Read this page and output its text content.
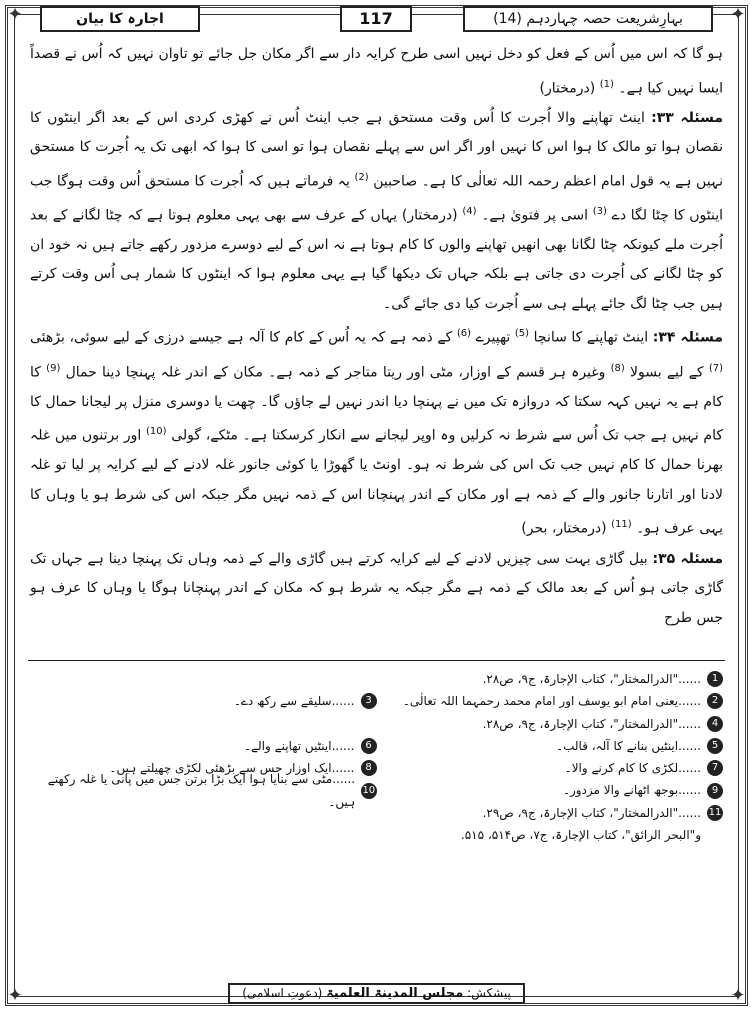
✦	✦
✦	✦
بہارِشریعت حصہ چہاردہم (14)
117
اجارہ کا بیان

ہو گا کہ اس میں اُس کے فعل کو دخل نہیں اسی طرح کرایہ دار سے اگر مکان جل جائے تو تاوان نہیں کہ اُس نے قصداً ایسا نہیں کیا ہے۔ $^{(1)}$ (درمختار)

مسئلہ ۳۳: اینٹ تھاپنے والا اُجرت کا اُس وقت مستحق ہے جب اینٹ اُس نے کھڑی کردی اس کے بعد اگر اینٹوں کا نقصان ہوا تو مالک کا ہوا اس کا نہیں اور اگر اس سے پہلے نقصان ہوا تو اسی کا ہوا کہ ابھی تک یہ اُجرت کا مستحق نہیں ہے یہ قول امام اعظم رحمہ اللہ تعالٰی کا ہے۔ صاحبین $^{(2)}$ یہ فرماتے ہیں کہ اُجرت کا مستحق اُس وقت ہوگا جب اینٹوں کا چٹا لگا دے $^{(3)}$ اسی پر فتویٰ ہے۔ $^{(4)}$ (درمختار) یہاں کے عرف سے بھی یہی معلوم ہوتا ہے کہ چٹا لگانے کے بعد اُجرت ملے کیونکہ چٹا لگانا بھی انھیں تھاپنے والوں کا کام ہوتا ہے نہ اس کے لیے دوسرے مزدور رکھے جاتے ہیں نہ خود ان کو چٹا لگانے کی اُجرت دی جاتی ہے بلکہ جہاں تک دیکھا گیا ہے یہی معلوم ہوا کہ اینٹوں کا شمار ہی اُس وقت کرتے ہیں جب چٹا لگ جائے پہلے ہی سے اُجرت کیا دی جائے گی۔

مسئلہ ۳۴: اینٹ تھاپنے کا سانچا $^{(5)}$ تھپیرے $^{(6)}$ کے ذمہ ہے کہ یہ اُس کے کام کا آلہ ہے جیسے درزی کے لیے سوئی، بڑھئی $^{(7)}$ کے لیے بسولا $^{(8)}$ وغیرہ ہر قسم کے اوزار، مٹی اور ریتا متاجر کے ذمہ ہے۔ مکان کے اندر غلہ پہنچا دینا حمال $^{(9)}$ کا کام ہے یہ نہیں کہہ سکتا کہ دروازہ تک میں نے پہنچا دیا اندر نہیں لے جاؤں گا۔ چھت یا دوسری منزل پر لیجانا حمال کا کام نہیں ہے جب تک اُس سے شرط نہ کرلیں وہ اوپر لیجانے سے انکار کرسکتا ہے۔ مٹکے، گولی $^{(10)}$ اور برتنوں میں غلہ بھرنا حمال کا کام نہیں جب تک اس کی شرط نہ ہو۔ اونٹ یا گھوڑا یا کوئی جانور غلہ لادنے کے لیے کرایہ پر لیا تو غلہ لادنا اور اتارنا جانور والے کے ذمہ ہے اور مکان کے اندر پہنچانا اس کے ذمہ نہیں مگر جبکہ اس کی شرط ہو یا وہاں کا یہی عرف ہو۔ $^{(11)}$ (درمختار، بحر)

مسئلہ ۳۵: بیل گاڑی بہت سی چیزیں لادنے کے لیے کرایہ کرتے ہیں گاڑی والے کے ذمہ وہاں تک پہنچا دینا ہے جہاں تک گاڑی جاتی ہو اُس کے بعد مالک کے ذمہ ہے مگر جبکہ یہ شرط ہو کہ مکان کے اندر پہنچانا ہوگا یا وہاں کا عرف ہو جس طرح

1
......"الدرالمختار"، کتاب الإجارۃ، ج۹، ص۲۸.
2
......یعنی امام ابو یوسف اور امام محمد رحمہما اللہ تعالٰی۔
3
......سلیقے سے رکھ دے۔
4
......"الدرالمختار"، کتاب الإجارۃ، ج۹، ص۲۸.
5
......اینٹیں بنانے کا آلہ، قالب۔
6
......اینٹیں تھاپنے والے۔
7
......لکڑی کا کام کرنے والا۔
8
......ایک اوزار جس سے بڑھئی لکڑی چھیلتے ہیں۔
9
......بوجھ اٹھانے والا مزدور۔
10
......مٹی سے بنایا ہوا ایک بڑا برتن جس میں پانی یا غلہ رکھتے ہیں۔
11
......"الدرالمختار"، کتاب الإجارۃ، ج۹، ص۲۹.
و"البحر الرائق"، کتاب الإجارۃ، ج۷، ص۵۱۴، ۵۱۵.
پیشکش: مجلس المدینۃ العلمیۃ (دعوتِ اسلامی)
